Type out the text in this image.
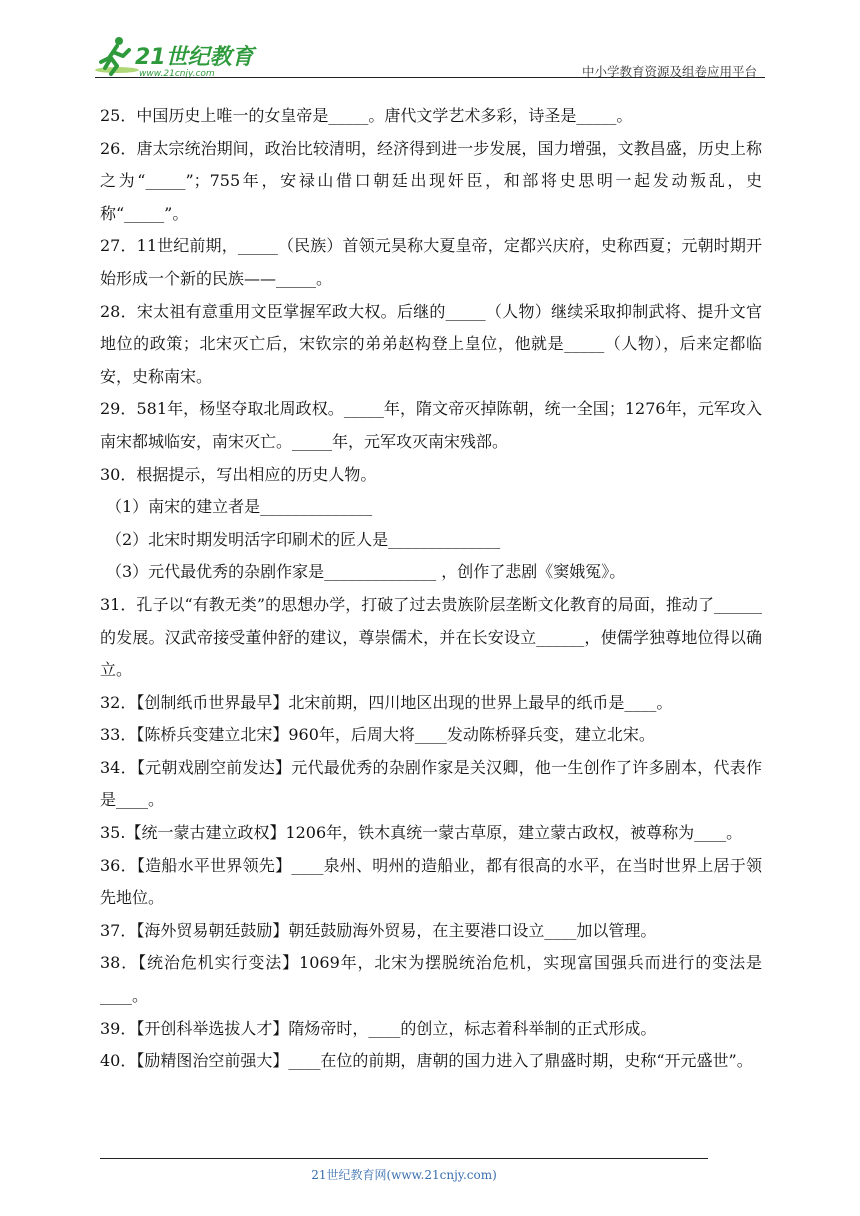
21世纪教育
www.21cnjy.com	中小学教育资源及组卷应用平台

25．中国历史上唯一的女皇帝是_____。唐代文学艺术多彩，诗圣是_____。

26．唐太宗统治期间，政治比较清明，经济得到进一步发展，国力增强，文教昌盛，历史上称之为“_____”；755年，安禄山借口朝廷出现奸臣，和部将史思明一起发动叛乱，史称“_____”。

27．11世纪前期，_____（民族）首领元昊称大夏皇帝，定都兴庆府，史称西夏；元朝时期开始形成一个新的民族——_____。

28．宋太祖有意重用文臣掌握军政大权。后继的_____（人物）继续采取抑制武将、提升文官地位的政策；北宋灭亡后，宋钦宗的弟弟赵构登上皇位，他就是_____（人物），后来定都临安，史称南宋。

29．581年，杨坚夺取北周政权。_____年，隋文帝灭掉陈朝，统一全国；1276年，元军攻入南宋都城临安，南宋灭亡。_____年，元军攻灭南宋残部。

30．根据提示，写出相应的历史人物。

（1）南宋的建立者是______________

（2）北宋时期发明活字印刷术的匠人是______________

（3）元代最优秀的杂剧作家是______________ ，创作了悲剧《窦娥冤》。

31．孔子以“有教无类”的思想办学，打破了过去贵族阶层垄断文化教育的局面，推动了______的发展。汉武帝接受董仲舒的建议，尊崇儒术，并在长安设立______，使儒学独尊地位得以确立。

32．【创制纸币世界最早】北宋前期，四川地区出现的世界上最早的纸币是____。

33．【陈桥兵变建立北宋】960年，后周大将____发动陈桥驿兵变，建立北宋。

34．【元朝戏剧空前发达】元代最优秀的杂剧作家是关汉卿，他一生创作了许多剧本，代表作是____。

35.【统一蒙古建立政权】1206年，铁木真统一蒙古草原，建立蒙古政权，被尊称为____。

36．【造船水平世界领先】____泉州、明州的造船业，都有很高的水平，在当时世界上居于领先地位。

37．【海外贸易朝廷鼓励】朝廷鼓励海外贸易，在主要港口设立____加以管理。

38．【统治危机实行变法】1069年，北宋为摆脱统治危机，实现富国强兵而进行的变法是____。

39．【开创科举选拔人才】隋炀帝时，____的创立，标志着科举制的正式形成。

40．【励精图治空前强大】____在位的前期，唐朝的国力进入了鼎盛时期，史称“开元盛世”。

21世纪教育网(www.21cnjy.com)
